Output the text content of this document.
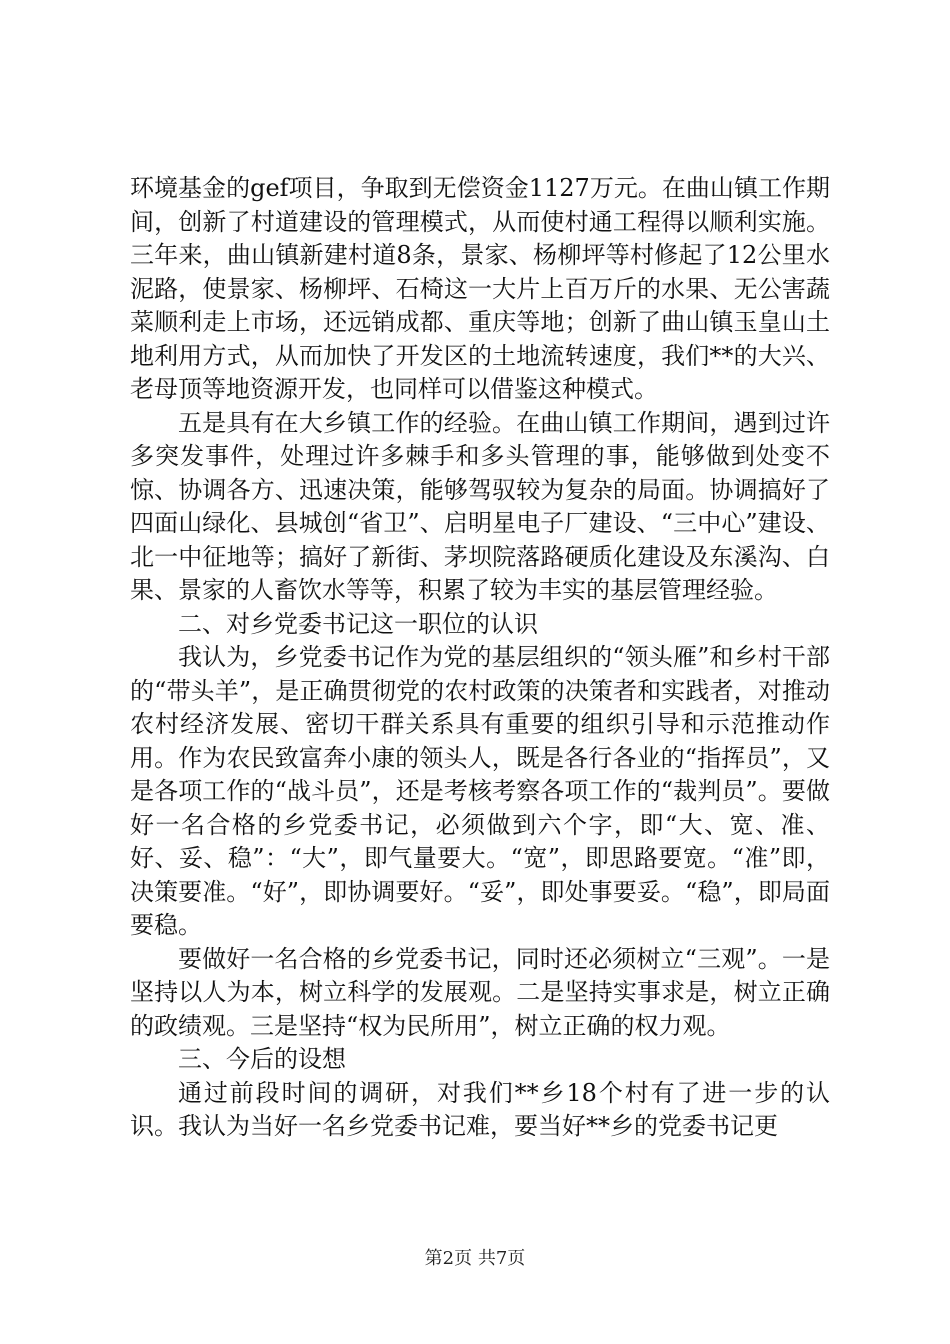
环境基金的gef项目，争取到无偿资金1127万元。在曲山镇工作期间，创新了村道建设的管理模式，从而使村通工程得以顺利实施。三年来，曲山镇新建村道8条，景家、杨柳坪等村修起了12公里水泥路，使景家、杨柳坪、石椅这一大片上百万斤的水果、无公害蔬菜顺利走上市场，还远销成都、重庆等地；创新了曲山镇玉皇山土地利用方式，从而加快了开发区的土地流转速度，我们**的大兴、老母顶等地资源开发，也同样可以借鉴这种模式。

五是具有在大乡镇工作的经验。在曲山镇工作期间，遇到过许多突发事件，处理过许多棘手和多头管理的事，能够做到处变不惊、协调各方、迅速决策，能够驾驭较为复杂的局面。协调搞好了四面山绿化、县城创“省卫”、启明星电子厂建设、“三中心”建设、北一中征地等；搞好了新街、茅坝院落路硬质化建设及东溪沟、白果、景家的人畜饮水等等，积累了较为丰实的基层管理经验。

二、对乡党委书记这一职位的认识

我认为，乡党委书记作为党的基层组织的“领头雁”和乡村干部的“带头羊”，是正确贯彻党的农村政策的决策者和实践者，对推动农村经济发展、密切干群关系具有重要的组织引导和示范推动作用。作为农民致富奔小康的领头人，既是各行各业的“指挥员”，又是各项工作的“战斗员”，还是考核考察各项工作的“裁判员”。要做好一名合格的乡党委书记，必须做到六个字，即“大、宽、准、好、妥、稳”：“大”，即气量要大。“宽”，即思路要宽。“准”即，决策要准。“好”，即协调要好。“妥”，即处事要妥。“稳”，即局面要稳。

要做好一名合格的乡党委书记，同时还必须树立“三观”。一是坚持以人为本，树立科学的发展观。二是坚持实事求是，树立正确的政绩观。三是坚持“权为民所用”，树立正确的权力观。

三、今后的设想

通过前段时间的调研，对我们**乡18个村有了进一步的认识。我认为当好一名乡党委书记难，要当好**乡的党委书记更

第2页 共7页
